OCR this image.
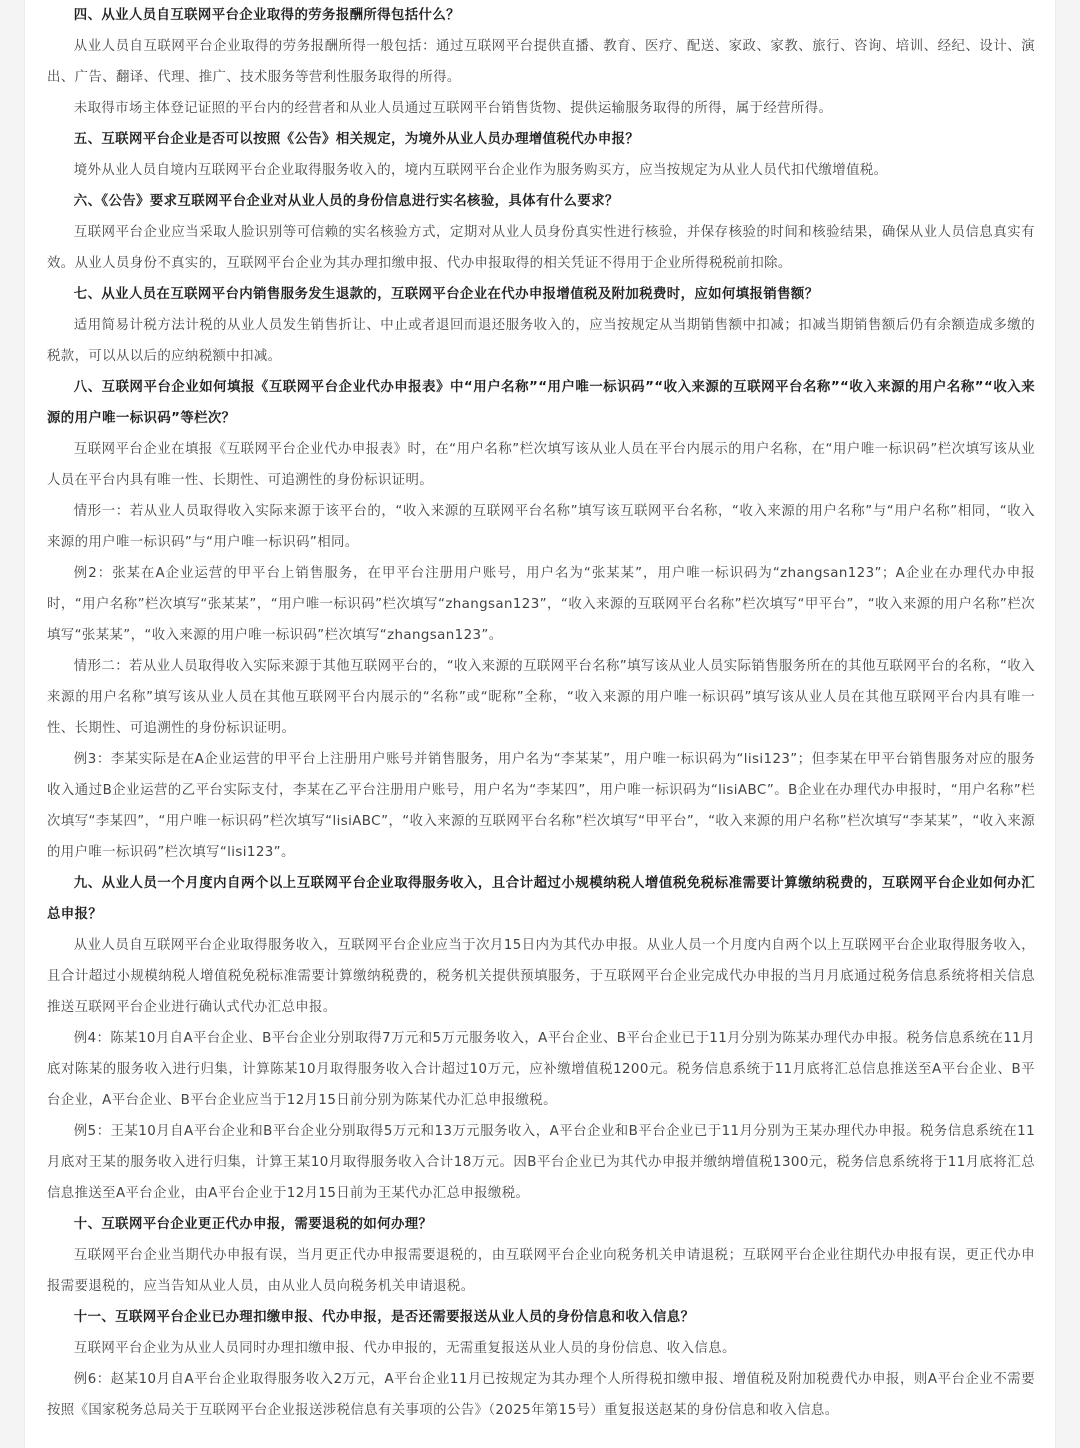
四、从业人员自互联网平台企业取得的劳务报酬所得包括什么？

从业人员自互联网平台企业取得的劳务报酬所得一般包括：通过互联网平台提供直播、教育、医疗、配送、家政、家教、旅行、咨询、培训、经纪、设计、演出、广告、翻译、代理、推广、技术服务等营利性服务取得的所得。

未取得市场主体登记证照的平台内的经营者和从业人员通过互联网平台销售货物、提供运输服务取得的所得，属于经营所得。

五、互联网平台企业是否可以按照《公告》相关规定，为境外从业人员办理增值税代办申报？

境外从业人员自境内互联网平台企业取得服务收入的，境内互联网平台企业作为服务购买方，应当按规定为从业人员代扣代缴增值税。

六、《公告》要求互联网平台企业对从业人员的身份信息进行实名核验，具体有什么要求？

互联网平台企业应当采取人脸识别等可信赖的实名核验方式，定期对从业人员身份真实性进行核验，并保存核验的时间和核验结果，确保从业人员信息真实有效。从业人员身份不真实的，互联网平台企业为其办理扣缴申报、代办申报取得的相关凭证不得用于企业所得税税前扣除。

七、从业人员在互联网平台内销售服务发生退款的，互联网平台企业在代办申报增值税及附加税费时，应如何填报销售额？

适用简易计税方法计税的从业人员发生销售折让、中止或者退回而退还服务收入的，应当按规定从当期销售额中扣减；扣减当期销售额后仍有余额造成多缴的税款，可以从以后的应纳税额中扣减。

八、互联网平台企业如何填报《互联网平台企业代办申报表》中“用户名称”“用户唯一标识码”“收入来源的互联网平台名称”“收入来源的用户名称”“收入来源的用户唯一标识码”等栏次？

互联网平台企业在填报《互联网平台企业代办申报表》时，在“用户名称”栏次填写该从业人员在平台内展示的用户名称，在“用户唯一标识码”栏次填写该从业人员在平台内具有唯一性、长期性、可追溯性的身份标识证明。

情形一：若从业人员取得收入实际来源于该平台的，“收入来源的互联网平台名称”填写该互联网平台名称，“收入来源的用户名称”与“用户名称”相同，“收入来源的用户唯一标识码”与“用户唯一标识码”相同。

例2：张某在A企业运营的甲平台上销售服务，在甲平台注册用户账号，用户名为“张某某”，用户唯一标识码为“zhangsan123”；A企业在办理代办申报时，“用户名称”栏次填写“张某某”，“用户唯一标识码”栏次填写“zhangsan123”，“收入来源的互联网平台名称”栏次填写“甲平台”，“收入来源的用户名称”栏次填写“张某某”，“收入来源的用户唯一标识码”栏次填写“zhangsan123”。

情形二：若从业人员取得收入实际来源于其他互联网平台的，“收入来源的互联网平台名称”填写该从业人员实际销售服务所在的其他互联网平台的名称，“收入来源的用户名称”填写该从业人员在其他互联网平台内展示的“名称”或“昵称”全称，“收入来源的用户唯一标识码”填写该从业人员在其他互联网平台内具有唯一性、长期性、可追溯性的身份标识证明。

例3：李某实际是在A企业运营的甲平台上注册用户账号并销售服务，用户名为“李某某”，用户唯一标识码为“lisi123”；但李某在甲平台销售服务对应的服务收入通过B企业运营的乙平台实际支付，李某在乙平台注册用户账号，用户名为“李某四”，用户唯一标识码为“lisiABC”。B企业在办理代办申报时，“用户名称”栏次填写“李某四”，“用户唯一标识码”栏次填写“lisiABC”，“收入来源的互联网平台名称”栏次填写“甲平台”，“收入来源的用户名称”栏次填写“李某某”，“收入来源的用户唯一标识码”栏次填写“lisi123”。

九、从业人员一个月度内自两个以上互联网平台企业取得服务收入，且合计超过小规模纳税人增值税免税标准需要计算缴纳税费的，互联网平台企业如何办汇总申报？

从业人员自互联网平台企业取得服务收入，互联网平台企业应当于次月15日内为其代办申报。从业人员一个月度内自两个以上互联网平台企业取得服务收入，且合计超过小规模纳税人增值税免税标准需要计算缴纳税费的，税务机关提供预填服务，于互联网平台企业完成代办申报的当月月底通过税务信息系统将相关信息推送互联网平台企业进行确认式代办汇总申报。

例4：陈某10月自A平台企业、B平台企业分别取得7万元和5万元服务收入，A平台企业、B平台企业已于11月分别为陈某办理代办申报。税务信息系统在11月底对陈某的服务收入进行归集，计算陈某10月取得服务收入合计超过10万元，应补缴增值税1200元。税务信息系统于11月底将汇总信息推送至A平台企业、B平台企业，A平台企业、B平台企业应当于12月15日前分别为陈某代办汇总申报缴税。

例5：王某10月自A平台企业和B平台企业分别取得5万元和13万元服务收入，A平台企业和B平台企业已于11月分别为王某办理代办申报。税务信息系统在11月底对王某的服务收入进行归集，计算王某10月取得服务收入合计18万元。因B平台企业已为其代办申报并缴纳增值税1300元，税务信息系统将于11月底将汇总信息推送至A平台企业，由A平台企业于12月15日前为王某代办汇总申报缴税。

十、互联网平台企业更正代办申报，需要退税的如何办理？

互联网平台企业当期代办申报有误，当月更正代办申报需要退税的，由互联网平台企业向税务机关申请退税；互联网平台企业往期代办申报有误，更正代办申报需要退税的，应当告知从业人员，由从业人员向税务机关申请退税。

十一、互联网平台企业已办理扣缴申报、代办申报，是否还需要报送从业人员的身份信息和收入信息？

互联网平台企业为从业人员同时办理扣缴申报、代办申报的，无需重复报送从业人员的身份信息、收入信息。

例6：赵某10月自A平台企业取得服务收入2万元，A平台企业11月已按规定为其办理个人所得税扣缴申报、增值税及附加税费代办申报，则A平台企业不需要按照《国家税务总局关于互联网平台企业报送涉税信息有关事项的公告》（2025年第15号）重复报送赵某的身份信息和收入信息。
